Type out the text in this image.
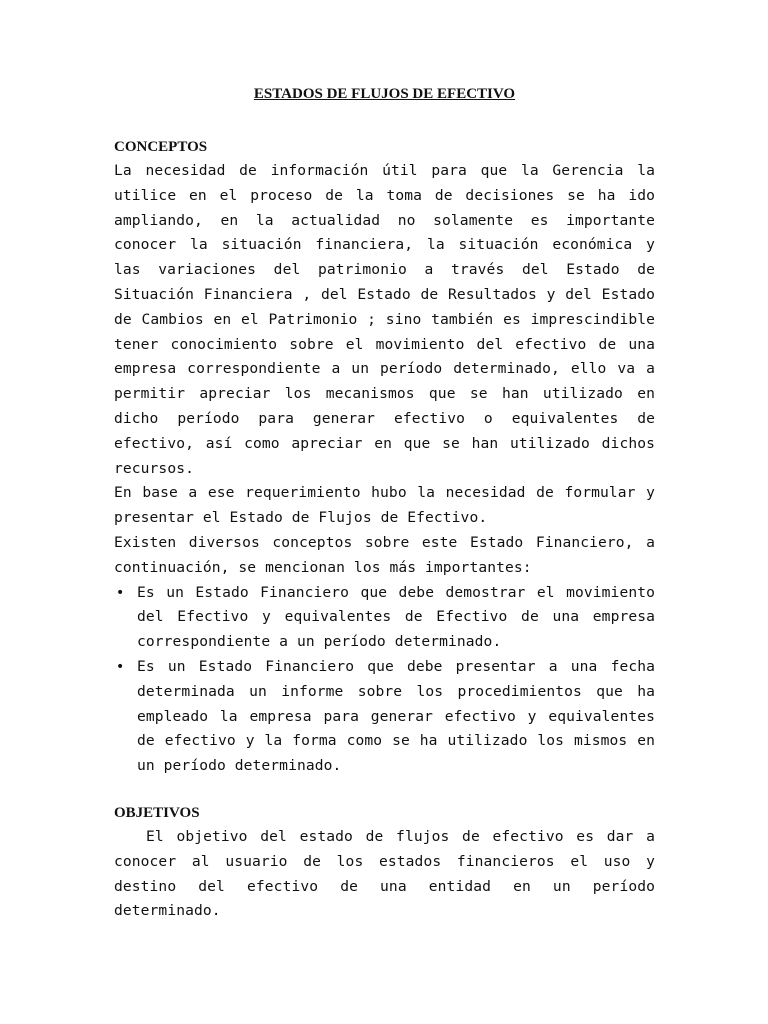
ESTADOS DE FLUJOS DE EFECTIVO
CONCEPTOS

La necesidad de información útil para que la Gerencia la utilice en el proceso de la toma de decisiones se ha ido ampliando, en la actualidad no solamente es importante conocer la situación financiera, la situación económica y las variaciones del patrimonio a través del Estado de Situación Financiera , del Estado de Resultados y del Estado de Cambios en el Patrimonio ; sino también es imprescindible tener conocimiento sobre el movimiento del efectivo de una empresa correspondiente a un período determinado, ello va a permitir apreciar los mecanismos que se han utilizado en dicho período para generar efectivo o equivalentes de efectivo, así como apreciar en que se han utilizado dichos recursos.

En base a ese requerimiento hubo la necesidad de formular y presentar el Estado de Flujos de Efectivo.

Existen diversos conceptos sobre este Estado Financiero, a continuación, se mencionan los más importantes:

• Es un Estado Financiero que debe demostrar el movimiento del Efectivo y equivalentes de Efectivo de una empresa correspondiente a un período determinado.
• Es un Estado Financiero que debe presentar a una fecha determinada un informe sobre los procedimientos que ha empleado la empresa para generar efectivo y equivalentes de efectivo y la forma como se ha utilizado los mismos en un período determinado.
OBJETIVOS

El objetivo del estado de flujos de efectivo es dar a conocer al usuario de los estados financieros el uso y destino del efectivo de una entidad en un período determinado.
